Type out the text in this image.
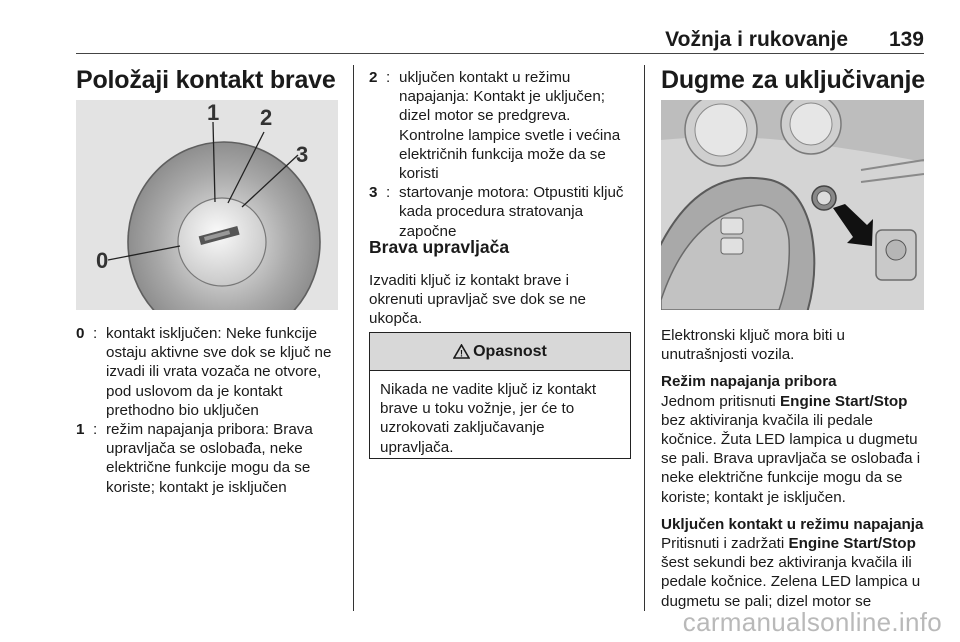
Vožnja i rukovanje 139
Položaji kontakt brave
1 2
3
0
0 : kontakt isključen: Neke funkcije ostaju aktivne sve dok se ključ ne izvadi ili vrata vozača ne otvore, pod uslovom da je kontakt prethodno bio uključen
1 : režim napajanja pribora: Brava upravljača se oslobađa, neke električne funkcije mogu da se koriste; kontakt je isključen
2 : uključen kontakt u režimu napajanja: Kontakt je uključen; dizel motor se predgreva. Kontrolne lampice svetle i većina električnih funkcija može da se koristi
3 : startovanje motora: Otpustiti ključ kada procedura stratovanja započne
Brava upravljača
Izvaditi ključ iz kontakt brave i okrenuti upravljač sve dok se ne ukopča.
! Opasnost
Nikada ne vadite ključ iz kontakt brave u toku vožnje, jer će to uzrokovati zaključavanje upravljača.
Dugme za uključivanje
Elektronski ključ mora biti u unutrašnjosti vozila.
Režim napajanja pribora
Jednom pritisnuti Engine Start/Stop bez aktiviranja kvačila ili pedale kočnice. Žuta LED lampica u dugmetu se pali. Brava upravljača se oslobađa i neke električne funkcije mogu da se koriste; kontakt je isključen.
Uključen kontakt u režimu napajanja
Pritisnuti i zadržati Engine Start/Stop šest sekundi bez aktiviranja kvačila ili pedale kočnice. Zelena LED lampica u dugmetu se pali; dizel motor se
carmanualsonline.info
